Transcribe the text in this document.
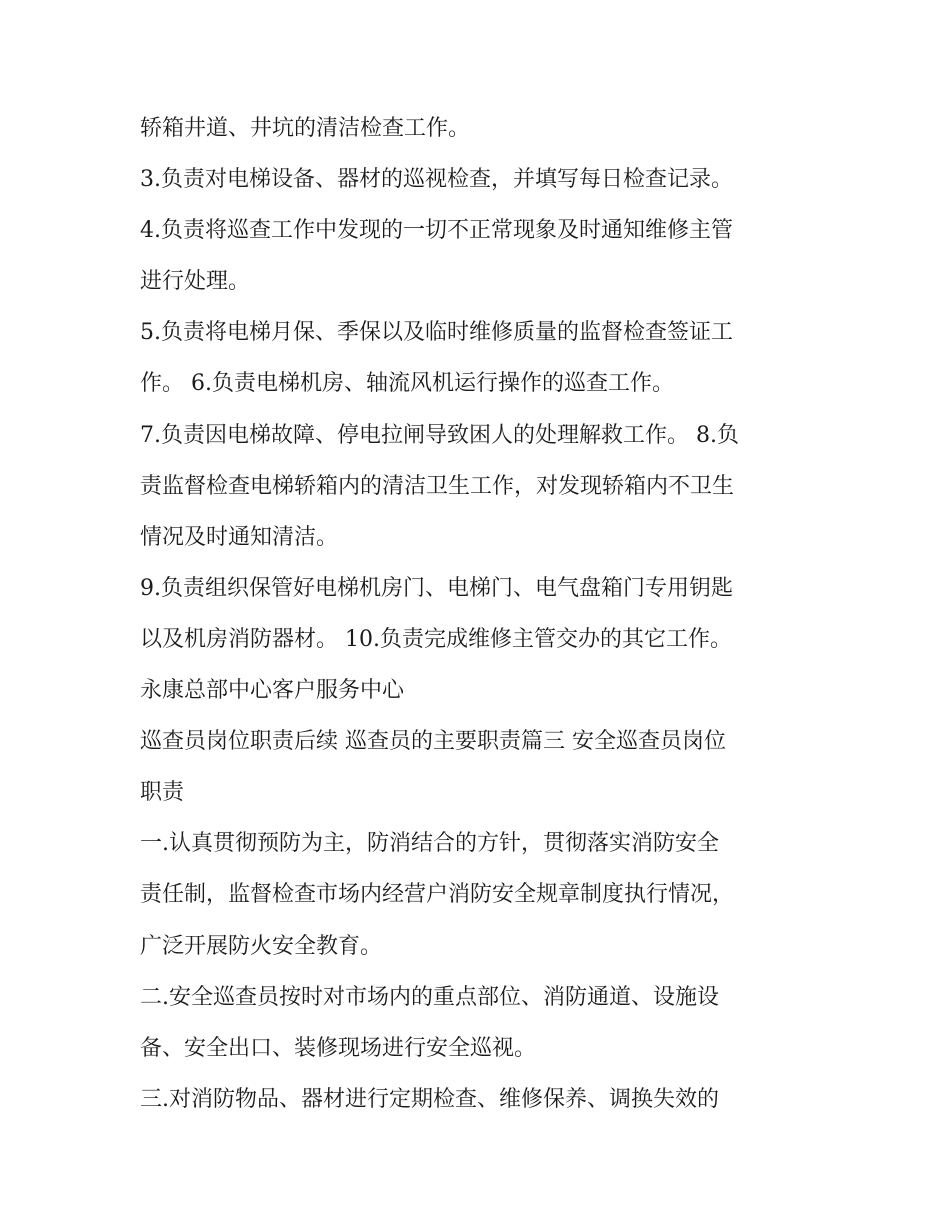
轿箱井道、井坑的清洁检查工作。
3.负责对电梯设备、器材的巡视检查，并填写每日检查记录。
4.负责将巡查工作中发现的一切不正常现象及时通知维修主管
进行处理。
5.负责将电梯月保、季保以及临时维修质量的监督检查签证工
作。 6.负责电梯机房、轴流风机运行操作的巡查工作。
7.负责因电梯故障、停电拉闸导致困人的处理解救工作。 8.负
责监督检查电梯轿箱内的清洁卫生工作，对发现轿箱内不卫生
情况及时通知清洁。
9.负责组织保管好电梯机房门、电梯门、电气盘箱门专用钥匙
以及机房消防器材。 10.负责完成维修主管交办的其它工作。
永康总部中心客户服务中心
巡查员岗位职责后续 巡查员的主要职责篇三 安全巡查员岗位
职责
一.认真贯彻预防为主，防消结合的方针，贯彻落实消防安全
责任制，监督检查市场内经营户消防安全规章制度执行情况，
广泛开展防火安全教育。
二.安全巡查员按时对市场内的重点部位、消防通道、设施设
备、安全出口、装修现场进行安全巡视。
三.对消防物品、器材进行定期检查、维修保养、调换失效的
